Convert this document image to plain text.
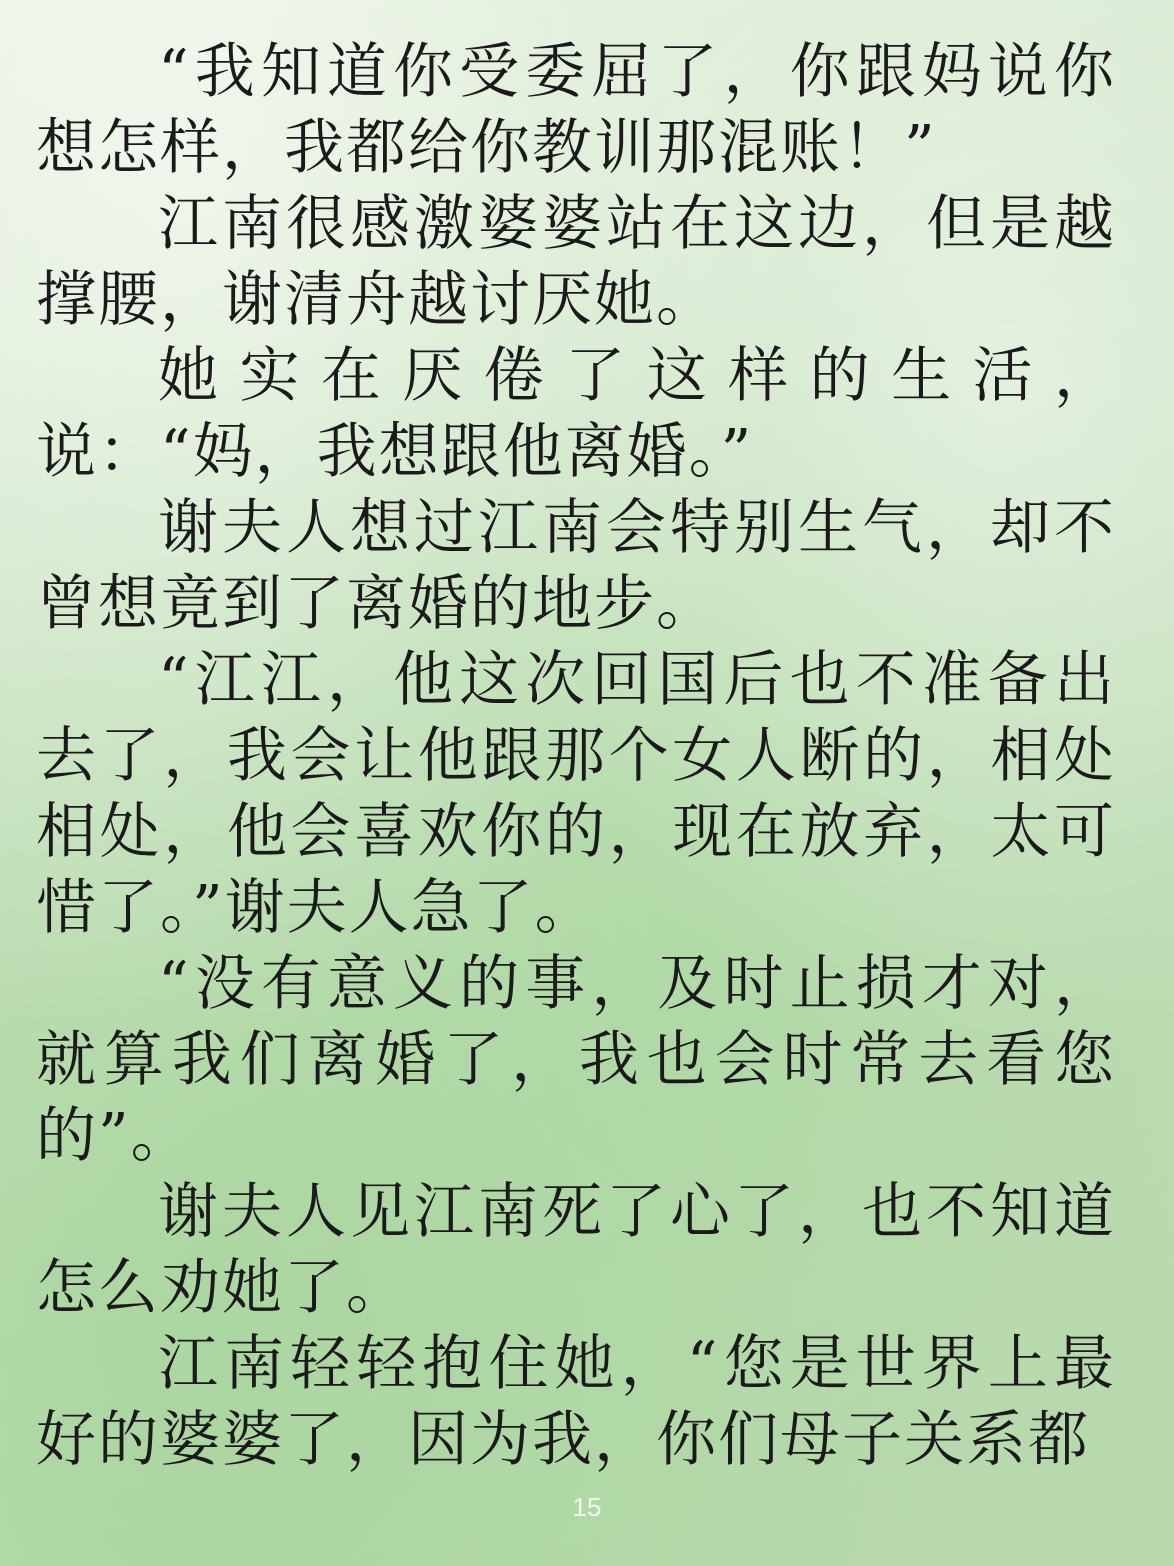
“我知道你受委屈了，你跟妈说你想怎样，我都给你教训那混账！”

江南很感激婆婆站在这边，但是越撑腰，谢清舟越讨厌她。

她实在厌倦了这样的生活，说：“妈，我想跟他离婚。”

谢夫人想过江南会特别生气，却不曾想竟到了离婚的地步。

“江江，他这次回国后也不准备出去了，我会让他跟那个女人断的，相处相处，他会喜欢你的，现在放弃，太可惜了。”谢夫人急了。

“没有意义的事，及时止损才对，就算我们离婚了，我也会时常去看您的”。

谢夫人见江南死了心了，也不知道怎么劝她了。

江南轻轻抱住她，“您是世界上最好的婆婆了，因为我，你们母子关系都

15
